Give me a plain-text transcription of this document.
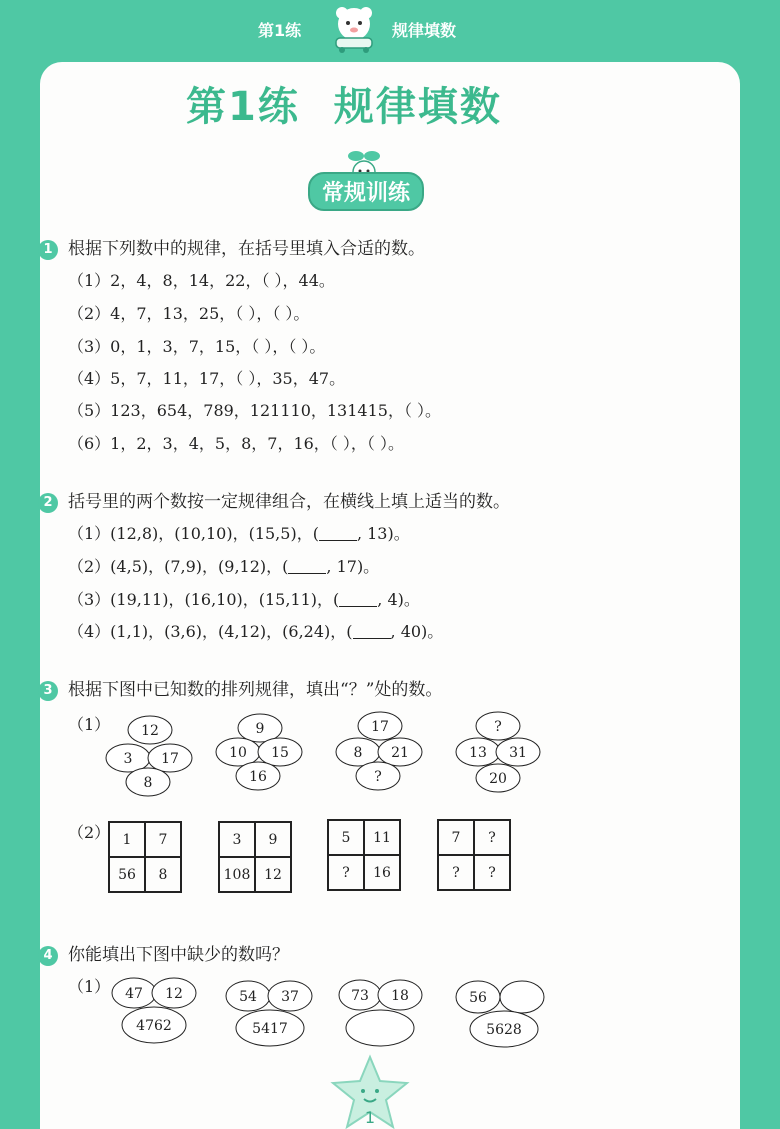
第1练	规律填数
第1练 规律填数
常规训练
1 根据下列数中的规律，在括号里填入合适的数。
（1）2，4，8，14，22，（ ），44。
（2）4，7，13，25，（ ），（ ）。
（3）0，1，3，7，15，（ ），（ ）。
（4）5，7，11，17，（ ），35，47。
（5）123，654，789，121110，131415，（ ）。
（6）1，2，3，4，5，8，7，16，（ ），（ ）。
2 括号里的两个数按一定规律组合，在横线上填上适当的数。
（1）(12,8)，(10,10)，(15,5)，( , 13)。
（2）(4,5)，(7,9)，(9,12)，( , 17)。
（3）(19,11)，(16,10)，(15,11)，( , 4)。
（4）(1,1)，(3,6)，(4,12)，(6,24)，( , 40)。
3 根据下图中已知数的排列规律，填出“？”处的数。
（1） 12
3 17
8
9
10 15
16
17
8 21
?
?
13 31
20
（2） 1	7
56	8
3	9
108 12
5	11
?	16
7	?
?	?
4 你能填出下图中缺少的数吗？
（1） 47 12
4762
54 37
5417
73 18	56
5628
1
